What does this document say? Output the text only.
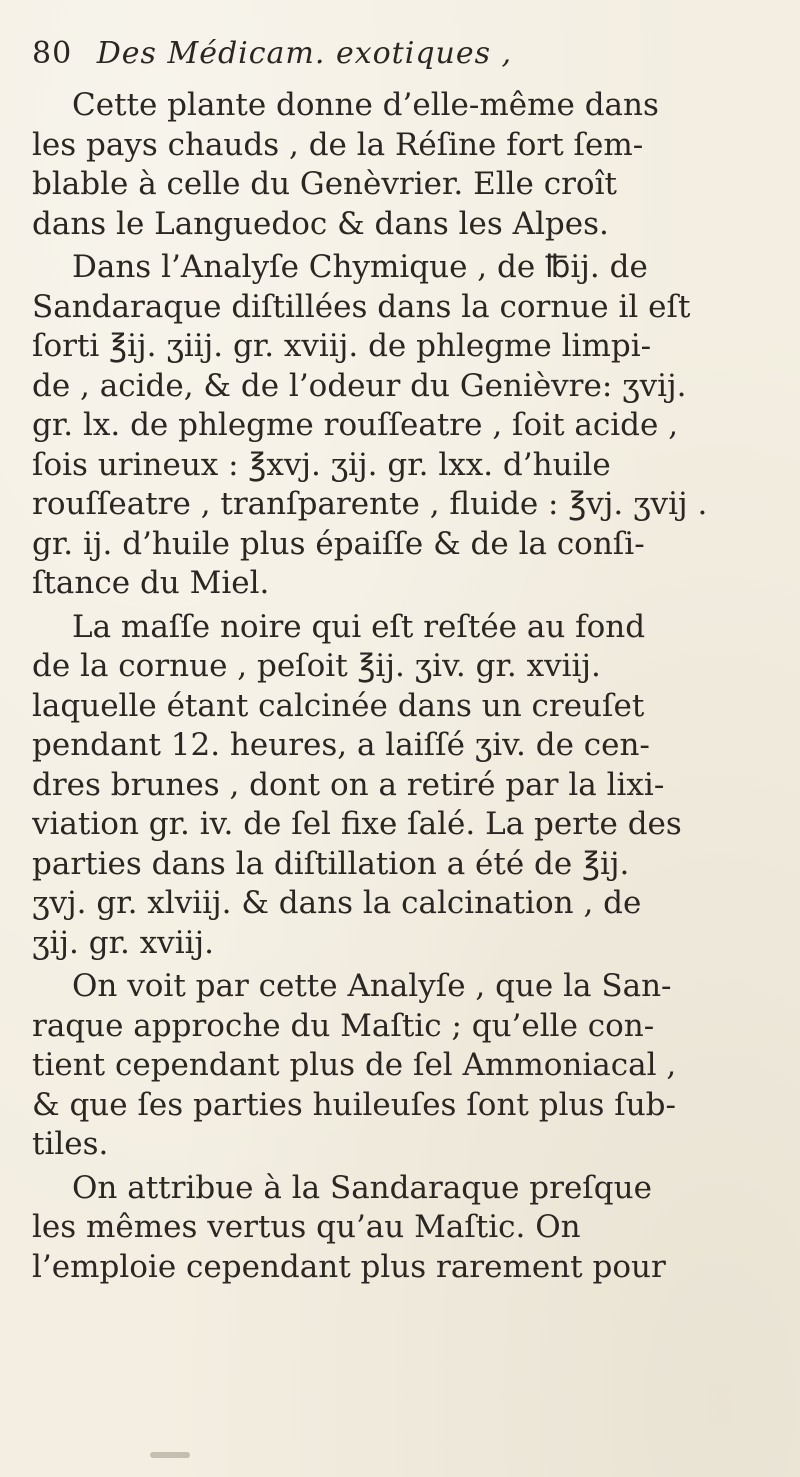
80 Des Médicam. exotiques ,
Cette plante donne d’elle-même dans
les pays chauds , de la Réſine fort ſem-
blable à celle du Genèvrier. Elle croît
dans le Languedoc & dans les Alpes.
Dans l’Analyſe Chymique , de ℔ij. de
Sandaraque diſtillées dans la cornue il eſt
ſorti ℥ij. ʒiij. gr. xviij. de phlegme limpi-
de , acide, & de l’odeur du Genièvre: ʒvij.
gr. lx. de phlegme rouſſeatre , ſoit acide ,
ſois urineux : ℥xvj. ʒij. gr. lxx. d’huile
rouſſeatre , tranſparente , fluide : ℥vj. ʒvij .
gr. ij. d’huile plus épaiſſe & de la conſi-
ſtance du Miel.
La maſſe noire qui eſt reſtée au fond
de la cornue , peſoit ℥ij. ʒiv. gr. xviij.
laquelle étant calcinée dans un creuſet
pendant 12. heures, a laiſſé ʒiv. de cen-
dres brunes , dont on a retiré par la lixi-
viation gr. iv. de ſel fixe ſalé. La perte des
parties dans la diſtillation a été de ℥ij.
ʒvj. gr. xlviij. & dans la calcination , de
ʒij. gr. xviij.
On voit par cette Analyſe , que la San-
raque approche du Maſtic ; qu’elle con-
tient cependant plus de ſel Ammoniacal ,
& que ſes parties huileuſes ſont plus ſub-
tiles.
On attribue à la Sandaraque preſque
les mêmes vertus qu’au Maſtic. On
l’emploie cependant plus rarement pour
